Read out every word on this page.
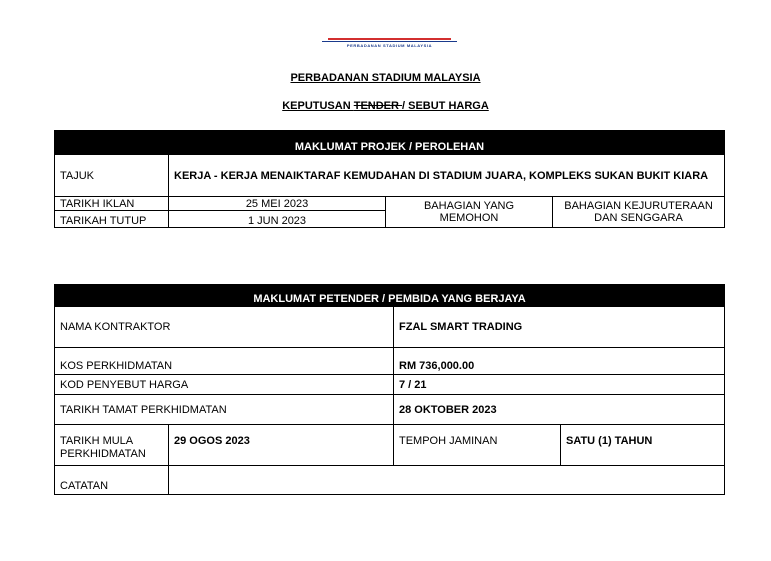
PERBADANAN STADIUM MALAYSIA
PERBADANAN STADIUM MALAYSIA
KEPUTUSAN TENDER / SEBUT HARGA
MAKLUMAT PROJEK / PEROLEHAN			
TAJUK	KERJA - KERJA MENAIKTARAF KEMUDAHAN DI STADIUM JUARA, KOMPLEKS SUKAN BUKIT KIARA		
TARIKH IKLAN	25 MEI 2023	BAHAGIAN YANG MEMOHON	BAHAGIAN KEJURUTERAAN DAN SENGGARA
TARIKAH TUTUP	1 JUN 2023		
MAKLUMAT PETENDER / PEMBIDA YANG BERJAYA			
NAMA KONTRAKTOR		FZAL SMART TRADING	
KOS PERKHIDMATAN		RM 736,000.00	
KOD PENYEBUT HARGA		7 / 21	
TARIKH TAMAT PERKHIDMATAN		28 OKTOBER 2023	
TARIKH MULA PERKHIDMATAN	29 OGOS 2023	TEMPOH JAMINAN	SATU (1) TAHUN
CATATAN			
